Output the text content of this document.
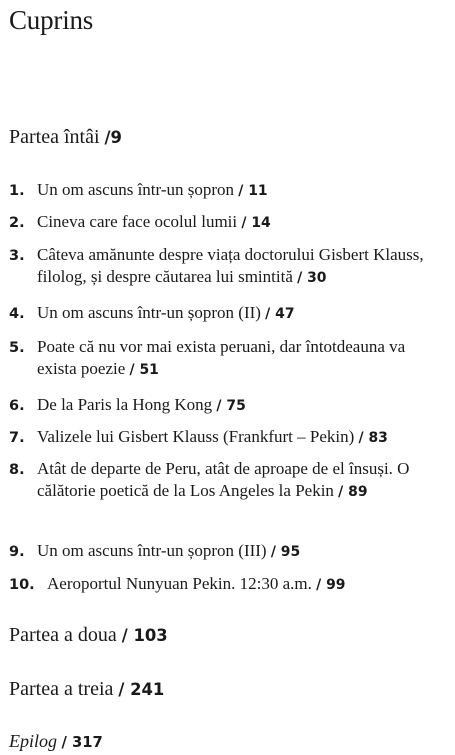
Cuprins
Partea întâi /9
1. Un om ascuns într-un șopron / 11
2. Cineva care face ocolul lumii / 14
3. Câteva amănunte despre viața doctorului Gisbert Klauss, filolog, și despre căutarea lui smintită / 30
4. Un om ascuns într-un șopron (II) / 47
5. Poate că nu vor mai exista peruani, dar întotdeauna va exista poezie / 51
6. De la Paris la Hong Kong / 75
7. Valizele lui Gisbert Klauss (Frankfurt – Pekin) / 83
8. Atât de departe de Peru, atât de aproape de el însuși. O călătorie poetică de la Los Angeles la Pekin / 89
9. Un om ascuns într-un șopron (III) / 95
10. Aeroportul Nunyuan Pekin. 12:30 a.m. / 99
Partea a doua / 103
Partea a treia / 241
Epilog / 317
